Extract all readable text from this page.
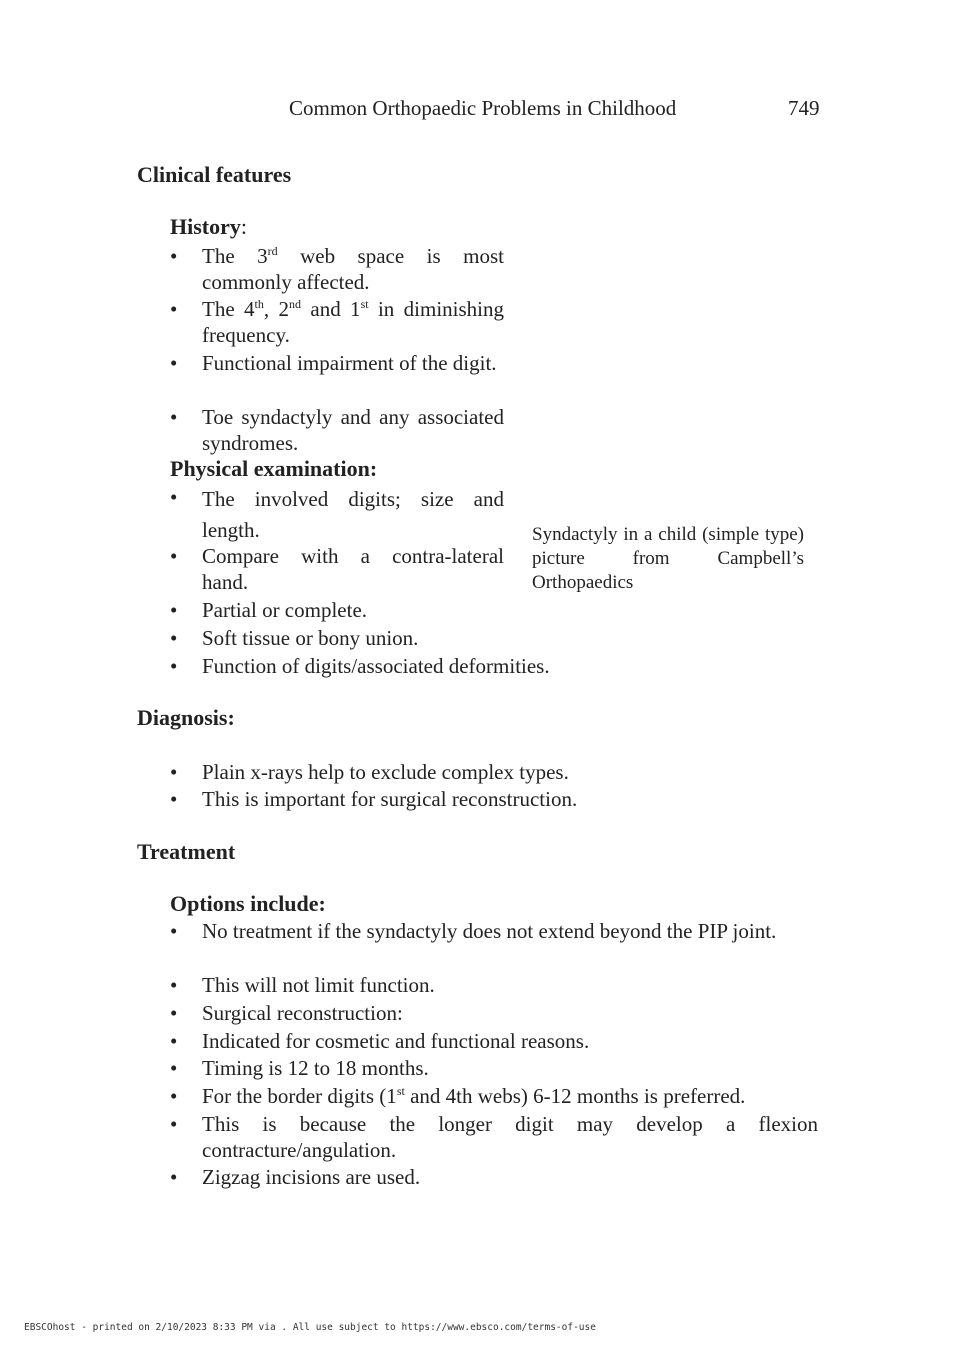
Common Orthopaedic Problems in Childhood	749
Clinical features
History:
• The 3rd web space is most commonly affected.
• The 4th, 2nd and 1st in diminishing frequency.
• Functional impairment of the digit.
• Toe syndactyly and any associated syndromes.
Physical examination:
• The involved digits; size and length.
• Compare with a contra-lateral hand.
• Partial or complete.
• Soft tissue or bony union.
• Function of digits/associated deformities.
Syndactyly in a child (simple type) picture from Campbell’s Orthopaedics
Diagnosis:
• Plain x-rays help to exclude complex types.
• This is important for surgical reconstruction.
Treatment
Options include:
• No treatment if the syndactyly does not extend beyond the PIP joint.
• This will not limit function.
• Surgical reconstruction:
• Indicated for cosmetic and functional reasons.
• Timing is 12 to 18 months.
• For the border digits (1st and 4th webs) 6-12 months is preferred.
• This is because the longer digit may develop a flexion contracture/angulation.
• Zigzag incisions are used.
EBSCOhost - printed on 2/10/2023 8:33 PM via . All use subject to https://www.ebsco.com/terms-of-use
